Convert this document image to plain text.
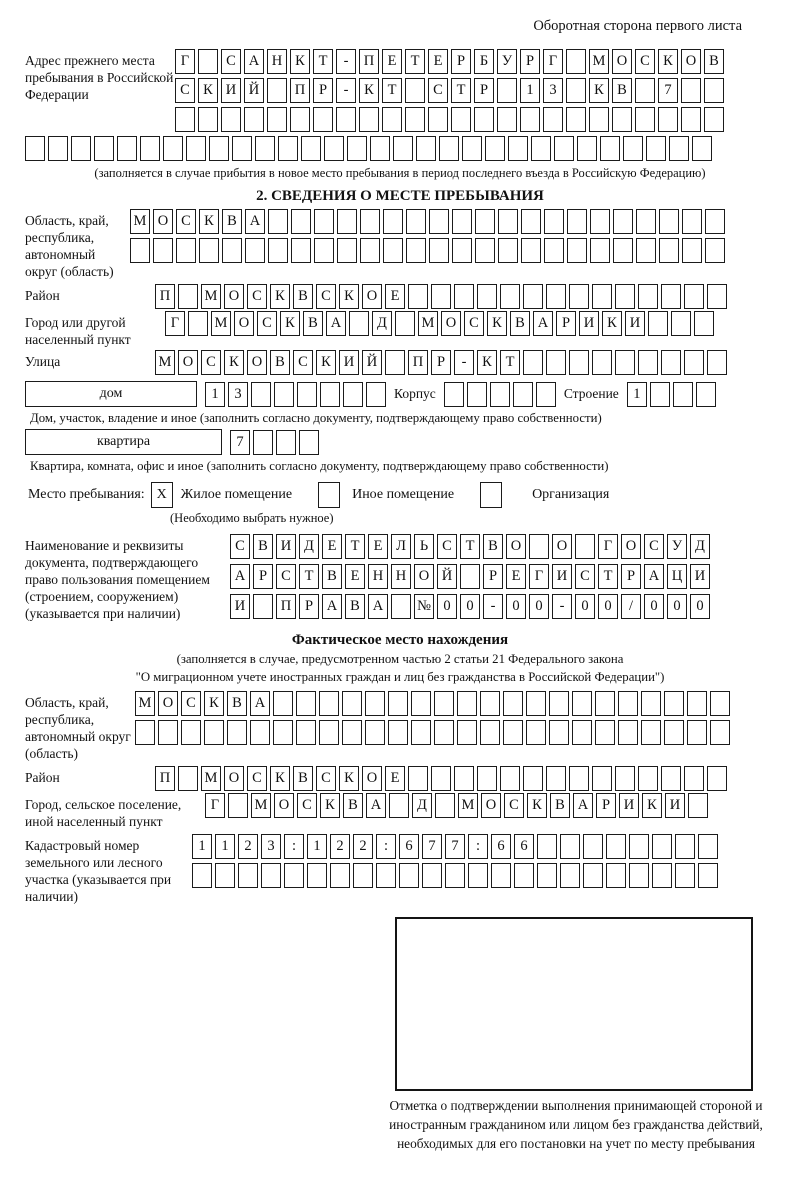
Оборотная сторона первого листа
Адрес прежнего места пребывания в Российской Федерации
Г	С А Н К Т	-	П Е Т Е	Р	Б У Р	Г	М О С К О В
С К И Й	П Р	-	К Т	С Т	Р	1	3	К В	7
(заполняется в случае прибытия в новое место пребывания в период последнего въезда в Российскую Федерацию)
2. СВЕДЕНИЯ О МЕСТЕ ПРЕБЫВАНИЯ
Область, край, республика, автономный округ (область)
М О С К В А
Район	П	М О С К В С К О Е
Город или другой населенный пункт
Г	М О С К В А	Д	М О С К В А Р И К И
Улица	М О С К О В С К И Й	П Р	-	К Т
дом	1	3	Корпус	Строение 1
Дом, участок, владение и иное (заполнить согласно документу, подтверждающему право собственности)
квартира	7
Квартира, комната, офис и иное (заполнить согласно документу, подтверждающему право собственности)
Место пребывания: X Жилое помещение	Иное помещение	Организация
(Необходимо выбрать нужное)
Наименование и реквизиты документа, подтверждающего право пользования помещением (строением, сооружением) (указывается при наличии)
С В И Д Е Т Е Л Ь С Т В О	О	Г О С У Д
А Р С Т В Е Н Н О Й	Р	Е Г И С Т	Р А Ц И
И	П Р А В А	№ 0	0	-	0	0	-	0	0	/	0	0	0
Фактическое место нахождения
(заполняется в случае, предусмотренном частью 2 статьи 21 Федерального закона
"О миграционном учете иностранных граждан и лиц без гражданства в Российской Федерации")
Область, край, республика, автономный округ (область)
М О С К В А
Район	П	М О С К В С К О Е
Город, сельское поселение, иной населенный пункт
Г	М О С К В А	Д	М О С К В А Р И К И
Кадастровый номер земельного или лесного участка (указывается при наличии)
1	1	2	3	:	1	2	2	:	6	7	7	:	6	6
Отметка о подтверждении выполнения принимающей стороной и иностранным гражданином или лицом без гражданства действий, необходимых для его постановки на учет по месту пребывания
